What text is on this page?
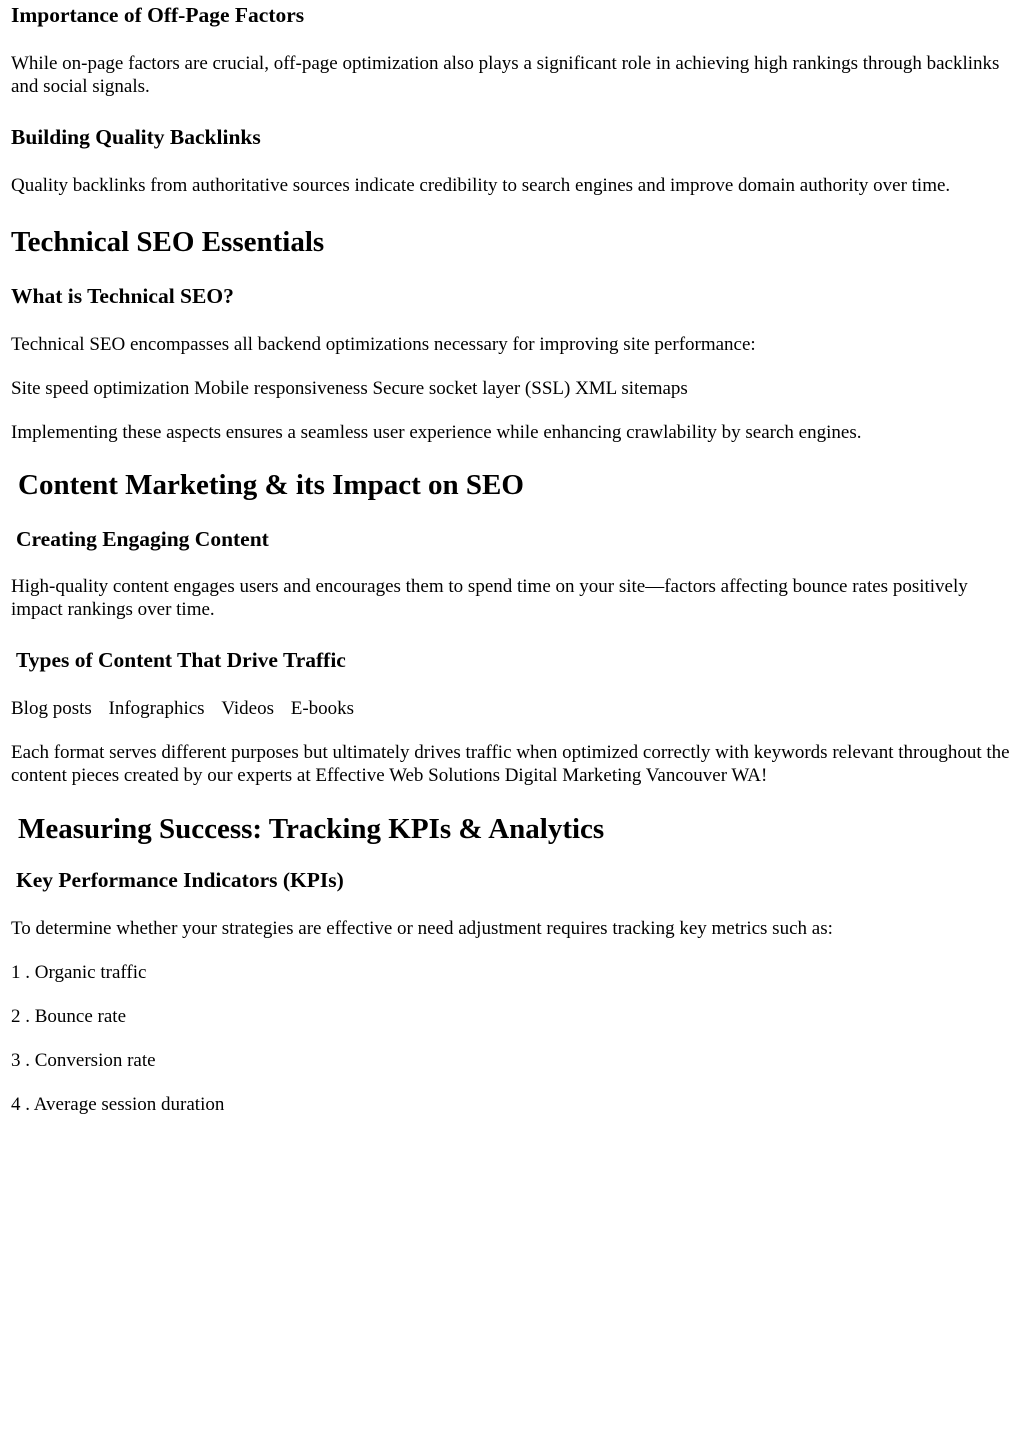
Importance of Off-Page Factors

While on-page factors are crucial, off-page optimization also plays a significant role in achieving high rankings through backlinks and social signals.

Building Quality Backlinks

Quality backlinks from authoritative sources indicate credibility to search engines and improve domain authority over time.

Technical SEO Essentials
What is Technical SEO?

Technical SEO encompasses all backend optimizations necessary for improving site performance:

Site speed optimization Mobile responsiveness Secure socket layer (SSL) XML sitemaps

Implementing these aspects ensures a seamless user experience while enhancing crawlability by search engines.

Content Marketing & its Impact on SEO
Creating Engaging Content

High-quality content engages users and encourages them to spend time on your site—factors affecting bounce rates positively impact rankings over time.

Types of Content That Drive Traffic

Blog posts Infographics Videos E-books

Each format serves different purposes but ultimately drives traffic when optimized correctly with keywords relevant throughout the content pieces created by our experts at Effective Web Solutions Digital Marketing Vancouver WA!

Measuring Success: Tracking KPIs & Analytics
Key Performance Indicators (KPIs)

To determine whether your strategies are effective or need adjustment requires tracking key metrics such as:

1 . Organic traffic

2 . Bounce rate

3 . Conversion rate

4 . Average session duration
